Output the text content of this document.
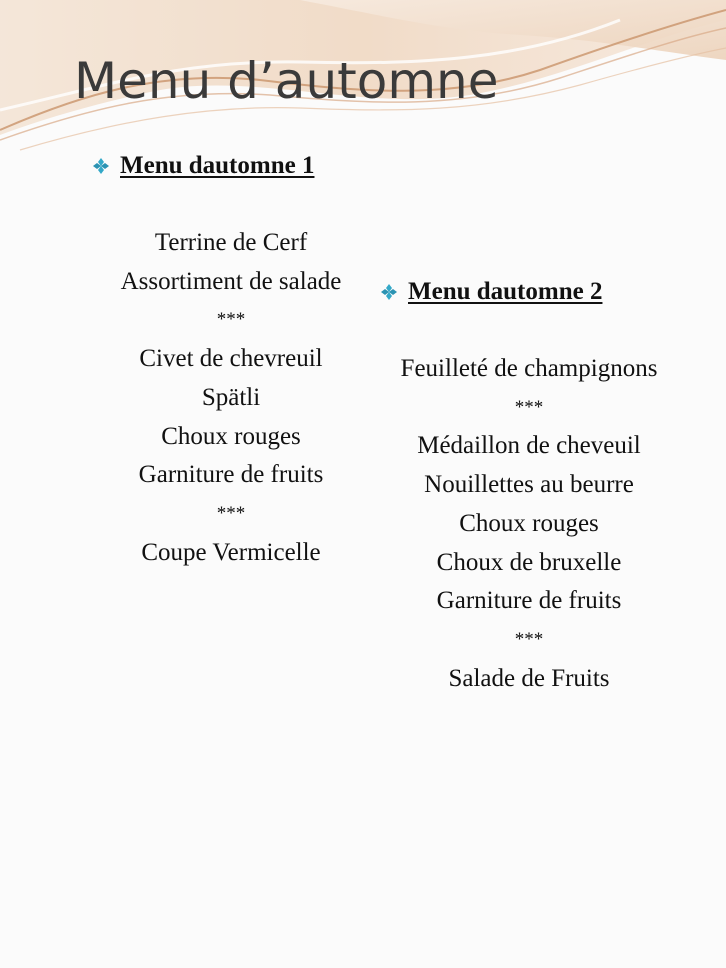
Menu d’automne
Menu dautomne 1
Terrine de Cerf
Assortiment de salade
***
Civet de chevreuil
Spätli
Choux rouges
Garniture de fruits
***
Coupe Vermicelle
Menu dautomne 2
Feuilleté de champignons
***
Médaillon de cheveuil
Nouillettes au beurre
Choux rouges
Choux de bruxelle
Garniture de fruits
***
Salade de Fruits
